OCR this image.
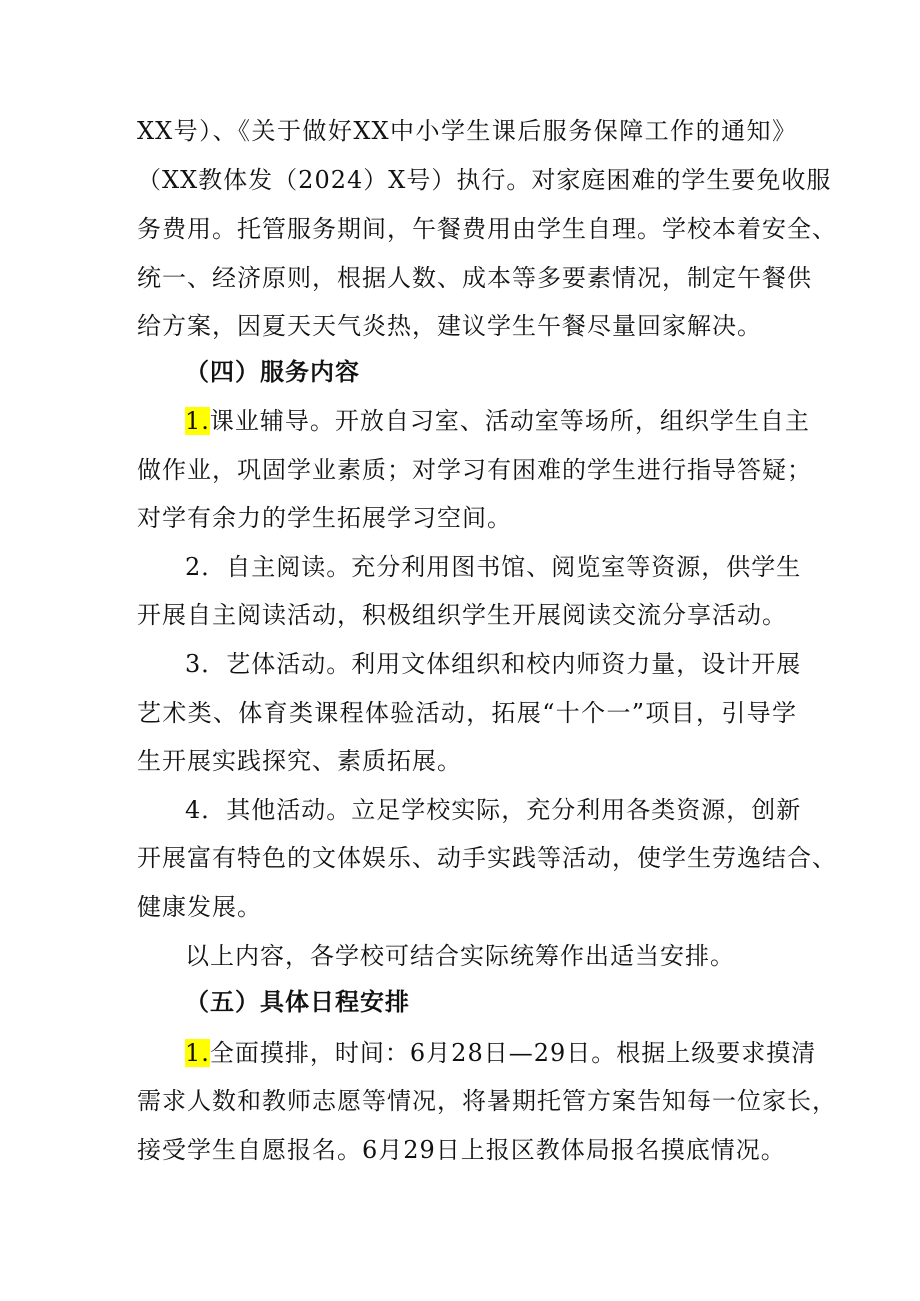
XX号）、《关于做好XX中小学生课后服务保障工作的通知》
（XX教体发（2024）X号）执行。对家庭困难的学生要免收服
务费用。托管服务期间，午餐费用由学生自理。学校本着安全、
统一、经济原则，根据人数、成本等多要素情况，制定午餐供
给方案，因夏天天气炎热，建议学生午餐尽量回家解决。
（四）服务内容
1.课业辅导。开放自习室、活动室等场所，组织学生自主
做作业，巩固学业素质；对学习有困难的学生进行指导答疑；
对学有余力的学生拓展学习空间。
2．自主阅读。充分利用图书馆、阅览室等资源，供学生
开展自主阅读活动，积极组织学生开展阅读交流分享活动。
3．艺体活动。利用文体组织和校内师资力量，设计开展
艺术类、体育类课程体验活动，拓展“十个一”项目，引导学
生开展实践探究、素质拓展。
4．其他活动。立足学校实际，充分利用各类资源，创新
开展富有特色的文体娱乐、动手实践等活动，使学生劳逸结合、
健康发展。
以上内容，各学校可结合实际统筹作出适当安排。
（五）具体日程安排
1.全面摸排，时间：6月28日—29日。根据上级要求摸清
需求人数和教师志愿等情况，将暑期托管方案告知每一位家长，
接受学生自愿报名。6月29日上报区教体局报名摸底情况。
